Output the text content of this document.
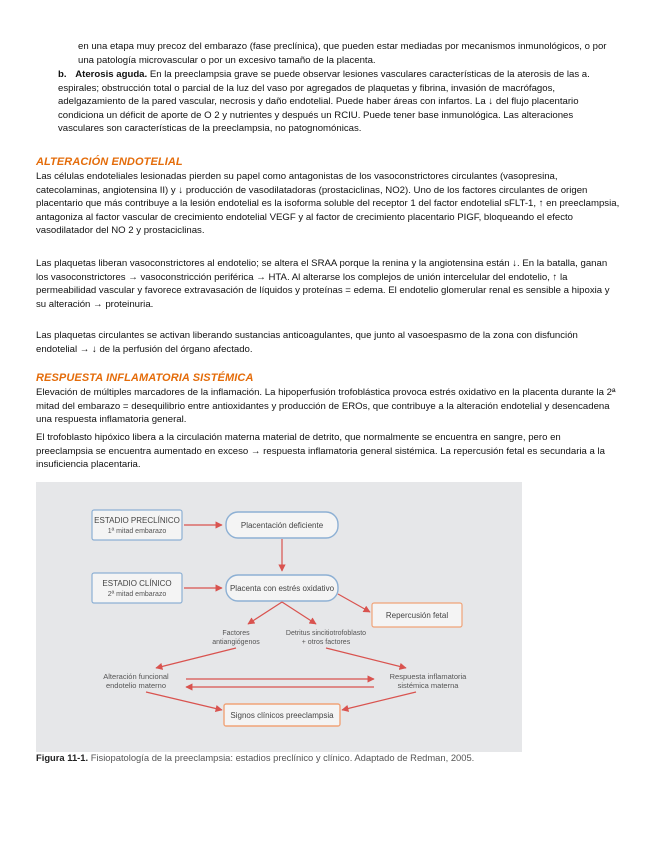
en una etapa muy precoz del embarazo (fase preclínica), que pueden estar mediadas por mecanismos inmunológicos, o por una patología microvascular o por un excesivo tamaño de la placenta.

b. Aterosis aguda. En la preeclampsia grave se puede observar lesiones vasculares características de la aterosis de las a. espirales; obstrucción total o parcial de la luz del vaso por agregados de plaquetas y fibrina, invasión de macrófagos, adelgazamiento de la pared vascular, necrosis y daño endotelial. Puede haber áreas con infartos. La ↓ del flujo placentario condiciona un déficit de aporte de O 2 y nutrientes y después un RCIU. Puede tener base inmunológica. Las alteraciones vasculares son características de la preeclampsia, no patognomónicas.
ALTERACIÓN ENDOTELIAL

Las células endoteliales lesionadas pierden su papel como antagonistas de los vasoconstrictores circulantes (vasopresina, catecolaminas, angiotensina II) y ↓ producción de vasodilatadoras (prostaciclinas, NO2). Uno de los factores circulantes de origen placentario que más contribuye a la lesión endotelial es la isoforma soluble del receptor 1 del factor endotelial sFLT-1, ↑ en preeclampsia, antagoniza al factor vascular de crecimiento endotelial VEGF y al factor de crecimiento placentario PIGF, bloqueando el efecto vasodilatador del NO 2 y prostaciclinas.

Las plaquetas liberan vasoconstrictores al endotelio; se altera el SRAA porque la renina y la angiotensina están ↓. En la batalla, ganan los vasoconstrictores → vasoconstricción periférica → HTA. Al alterarse los complejos de unión intercelular del endotelio, ↑ la permeabilidad vascular y favorece extravasación de líquidos y proteínas = edema. El endotelio glomerular renal es sensible a hipoxia y su alteración → proteinuria.

Las plaquetas circulantes se activan liberando sustancias anticoagulantes, que junto al vasoespasmo de la zona con disfunción endotelial → ↓ de la perfusión del órgano afectado.

RESPUESTA INFLAMATORIA SISTÉMICA

Elevación de múltiples marcadores de la inflamación. La hipoperfusión trofoblástica provoca estrés oxidativo en la placenta durante la 2ª mitad del embarazo = desequilibrio entre antioxidantes y producción de EROs, que contribuye a la alteración endotelial y desencadena una respuesta inflamatoria general.

El trofoblasto hipóxico libera a la circulación materna material de detrito, que normalmente se encuentra en sangre, pero en preeclampsia se encuentra aumentado en exceso → respuesta inflamatoria general sistémica. La repercusión fetal es secundaria a la insuficiencia placentaria.

ESTADIO PRECLÍNICO
1ª mitad embarazo
ESTADIO CLÍNICO
2ª mitad embarazo
Placentación deficiente
Placenta con estrés oxidativo
Repercusión fetal
Factores
antiangiógenos
Detritus sincitiotrofoblasto
+ otros factores
Alteración funcional
endotelio materno
Respuesta inflamatoria
sistémica materna
Signos clínicos preeclampsia
Figura 11-1. Fisiopatología de la preeclampsia: estadios preclínico y clínico. Adaptado de Redman, 2005.
